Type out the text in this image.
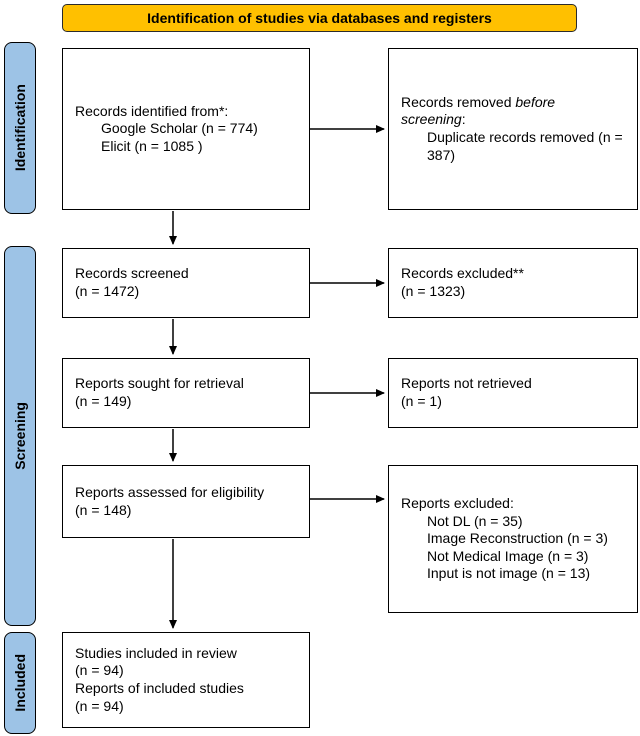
Identification of studies via databases and registers
Identification
Screening
Included
Records identified from*:
Google Scholar (n = 774)
Elicit (n = 1085 )
Records removed before
screening:
Duplicate records removed (n = 387)
Records screened
(n = 1472)
Records excluded**
(n = 1323)
Reports sought for retrieval
(n = 149)
Reports not retrieved
(n = 1)
Reports assessed for eligibility
(n = 148)	Reports excluded:
Not DL (n = 35)
Image Reconstruction (n = 3)
Not Medical Image (n = 3)
Input is not image (n = 13)
Studies included in review
(n = 94)
Reports of included studies
(n = 94)
